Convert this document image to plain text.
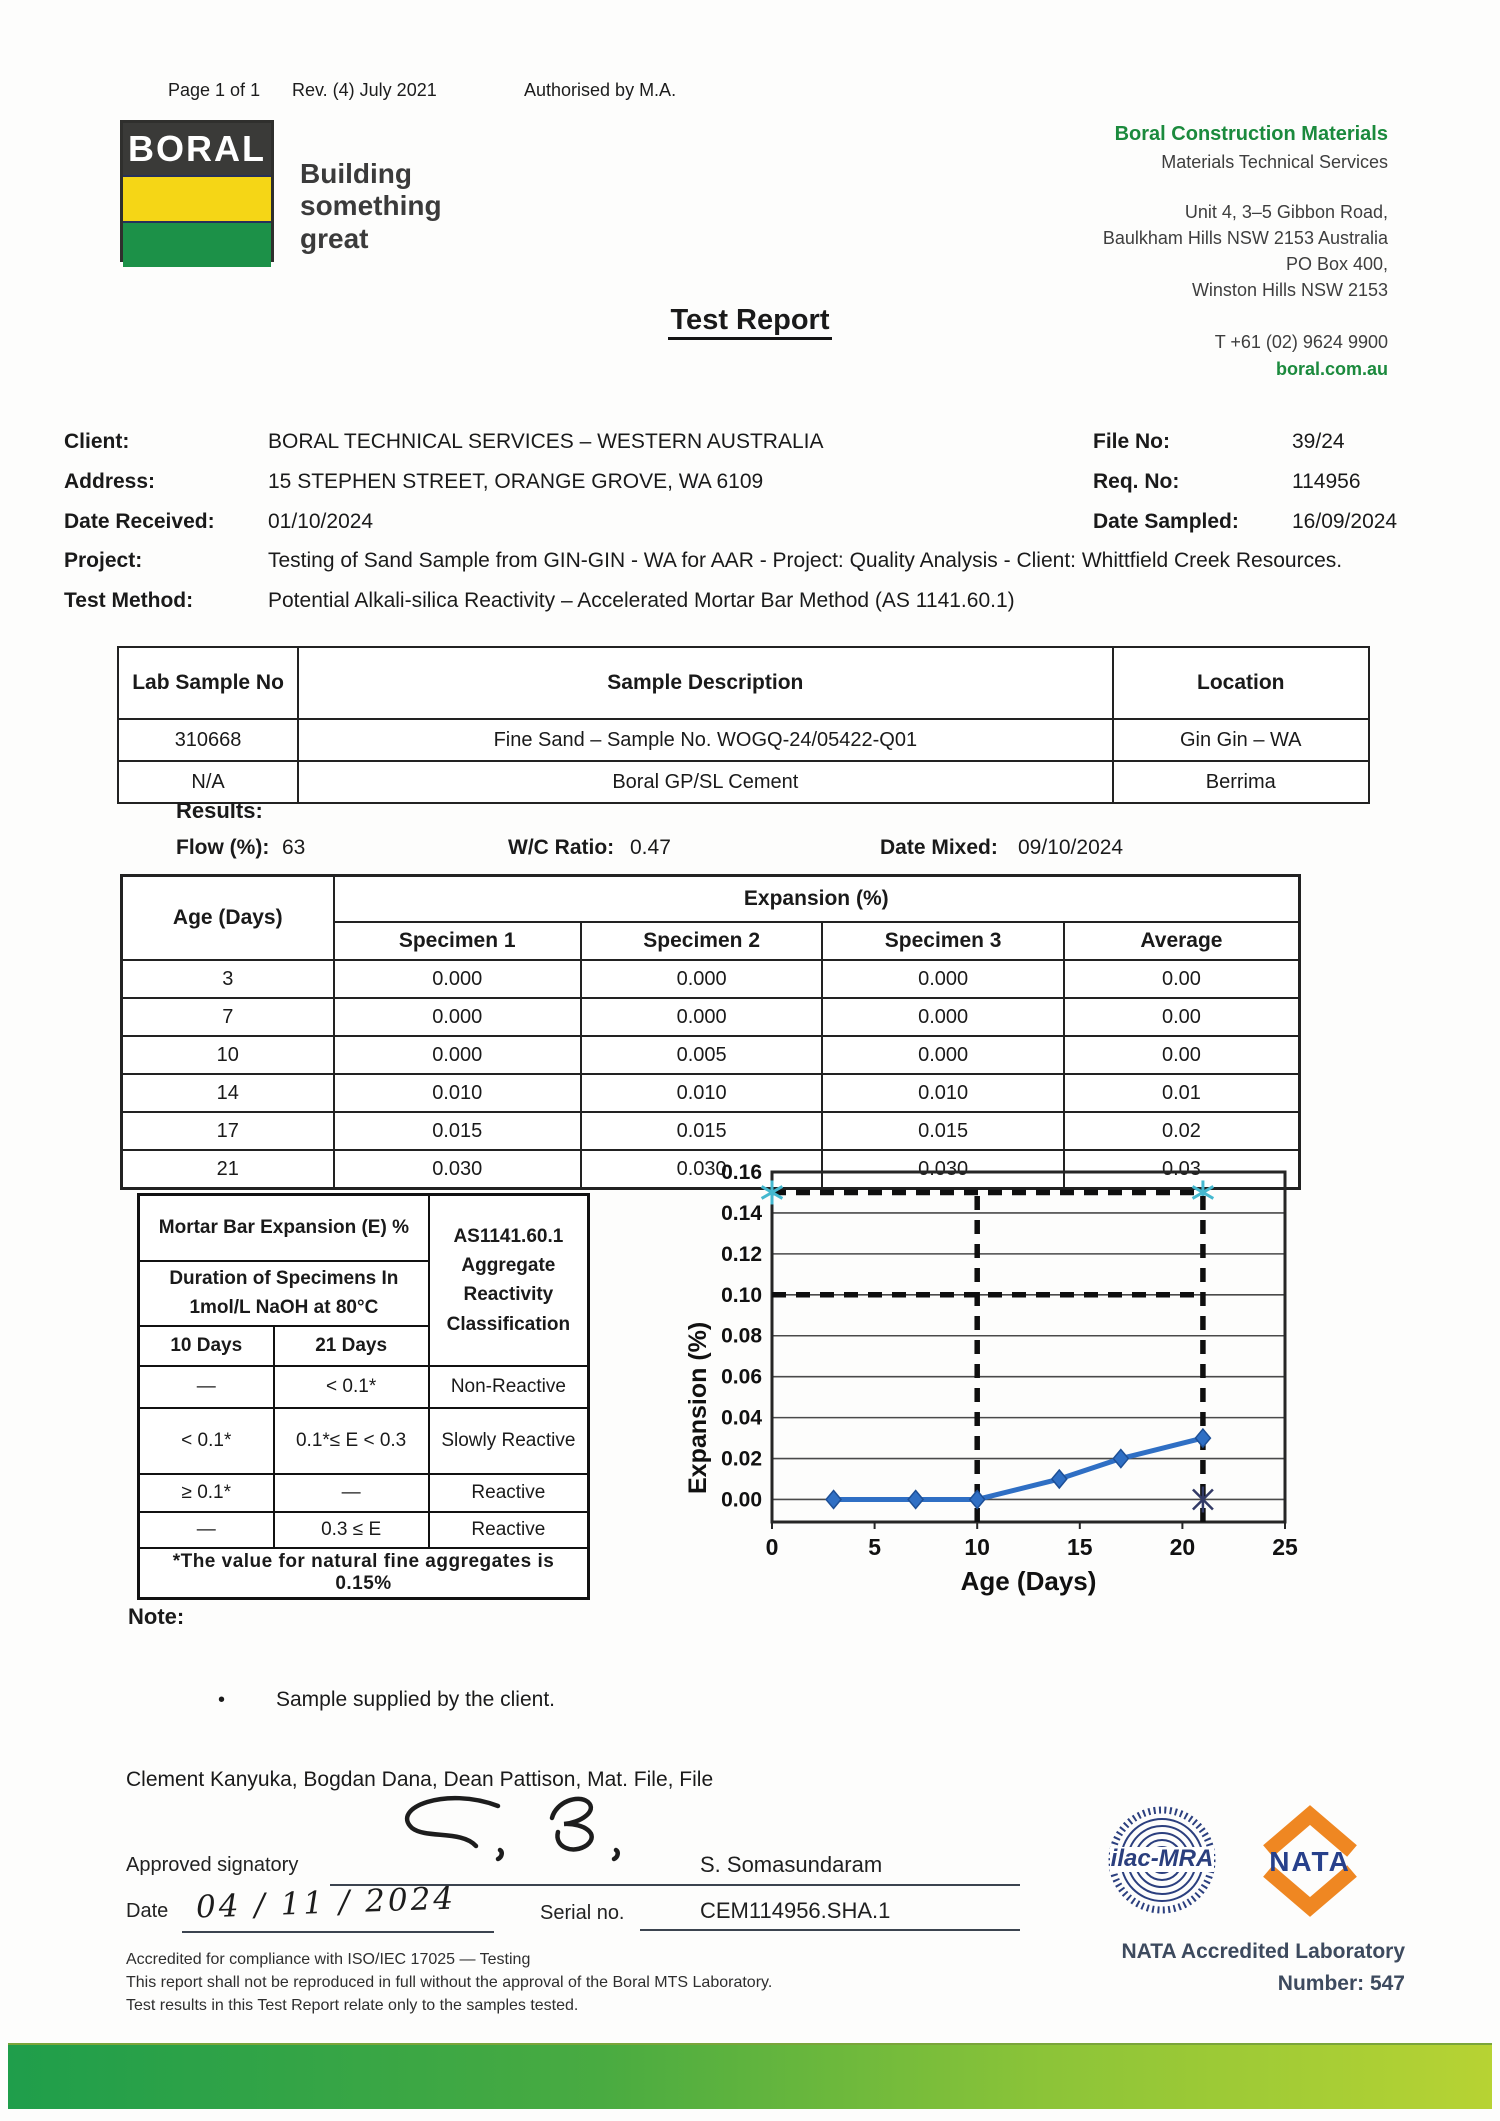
Page 1 of 1 Rev. (4) July 2021	Authorised by M.A.
BORAL
Building
something
great
Boral Construction Materials
Materials Technical Services
Unit 4, 3–5 Gibbon Road,
Baulkham Hills NSW 2153 Australia
PO Box 400,
Winston Hills NSW 2153
T +61 (02) 9624 9900
boral.com.au
Test Report
Client:	BORAL TECHNICAL SERVICES – WESTERN AUSTRALIA	File No:	39/24
Address:	15 STEPHEN STREET, ORANGE GROVE, WA 6109	Req. No:	114956
Date Received:	01/10/2024	Date Sampled:	16/09/2024
Project:	Testing of Sand Sample from GIN-GIN - WA for AAR - Project: Quality Analysis - Client: Whittfield Creek Resources.
Test Method:	Potential Alkali-silica Reactivity – Accelerated Mortar Bar Method (AS 1141.60.1)
Lab Sample No	Sample Description	Location
310668	Fine Sand – Sample No. WOGQ-24/05422-Q01	Gin Gin – WA
N/A	Boral GP/SL Cement	Berrima
Results:
Flow (%): 63	W/C Ratio: 0.47	Date Mixed: 09/10/2024
Age (Days)	Expansion (%)			
	Specimen 1	Specimen 2	Specimen 3	Average
3	0.000	0.000	0.000	0.00
7	0.000	0.000	0.000	0.00
10	0.000	0.005	0.000	0.00
14	0.010	0.010	0.010	0.01
17	0.015	0.015	0.015	0.02
21	0.030	0.030	0.030	0.03
Mortar Bar Expansion (E) %		AS1141.60.1
Aggregate
Reactivity
Classification

Duration of Specimens In
1mol/L NaOH at 80°C		

10 Days	21 Days	
—	< 0.1*	Non-Reactive
< 0.1*	0.1*≤ E < 0.3	Slowly Reactive
≥ 0.1*	—	Reactive
—	0.3 ≤ E	Reactive
*The value for natural fine aggregates is 0.15%		
Expansion (%)
0.00
0.02
0.04
0.06
0.08
0.10
0.12
0.14
0.16
0	5	10	15	20	25
Age (Days)
Note:
• Sample supplied by the client.
Clement Kanyuka, Bogdan Dana, Dean Pattison, Mat. File, File
Approved signatory	S. Somasundaram
Date 04 / 11 / 2024	Serial no.	CEM114956.SHA.1
Accredited for compliance with ISO/IEC 17025 — Testing
This report shall not be reproduced in full without the approval of the Boral MTS Laboratory.
Test results in this Test Report relate only to the samples tested.
ilac-MRA NATA
NATA Accredited Laboratory
Number: 547
